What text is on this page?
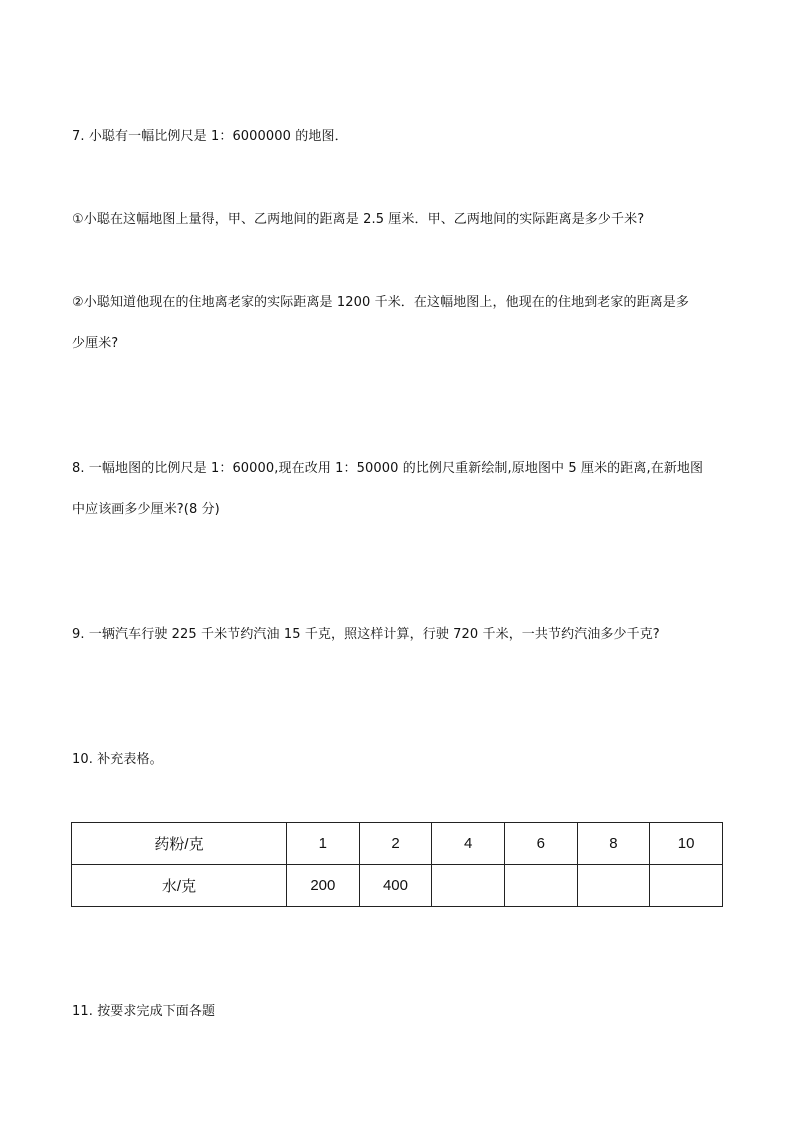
7. 小聪有一幅比例尺是 1：6000000 的地图．
①小聪在这幅地图上量得，甲、乙两地间的距离是 2.5 厘米．甲、乙两地间的实际距离是多少千米?
②小聪知道他现在的住地离老家的实际距离是 1200 千米．在这幅地图上，他现在的住地到老家的距离是多
少厘米?
8. 一幅地图的比例尺是 1：60000,现在改用 1：50000 的比例尺重新绘制,原地图中 5 厘米的距离,在新地图
中应该画多少厘米?(8 分)
9. 一辆汽车行驶 225 千米节约汽油 15 千克，照这样计算，行驶 720 千米，一共节约汽油多少千克?
10. 补充表格。
药粉/克	1	2	4	6	8	10
水/克	200	400				
11. 按要求完成下面各题
